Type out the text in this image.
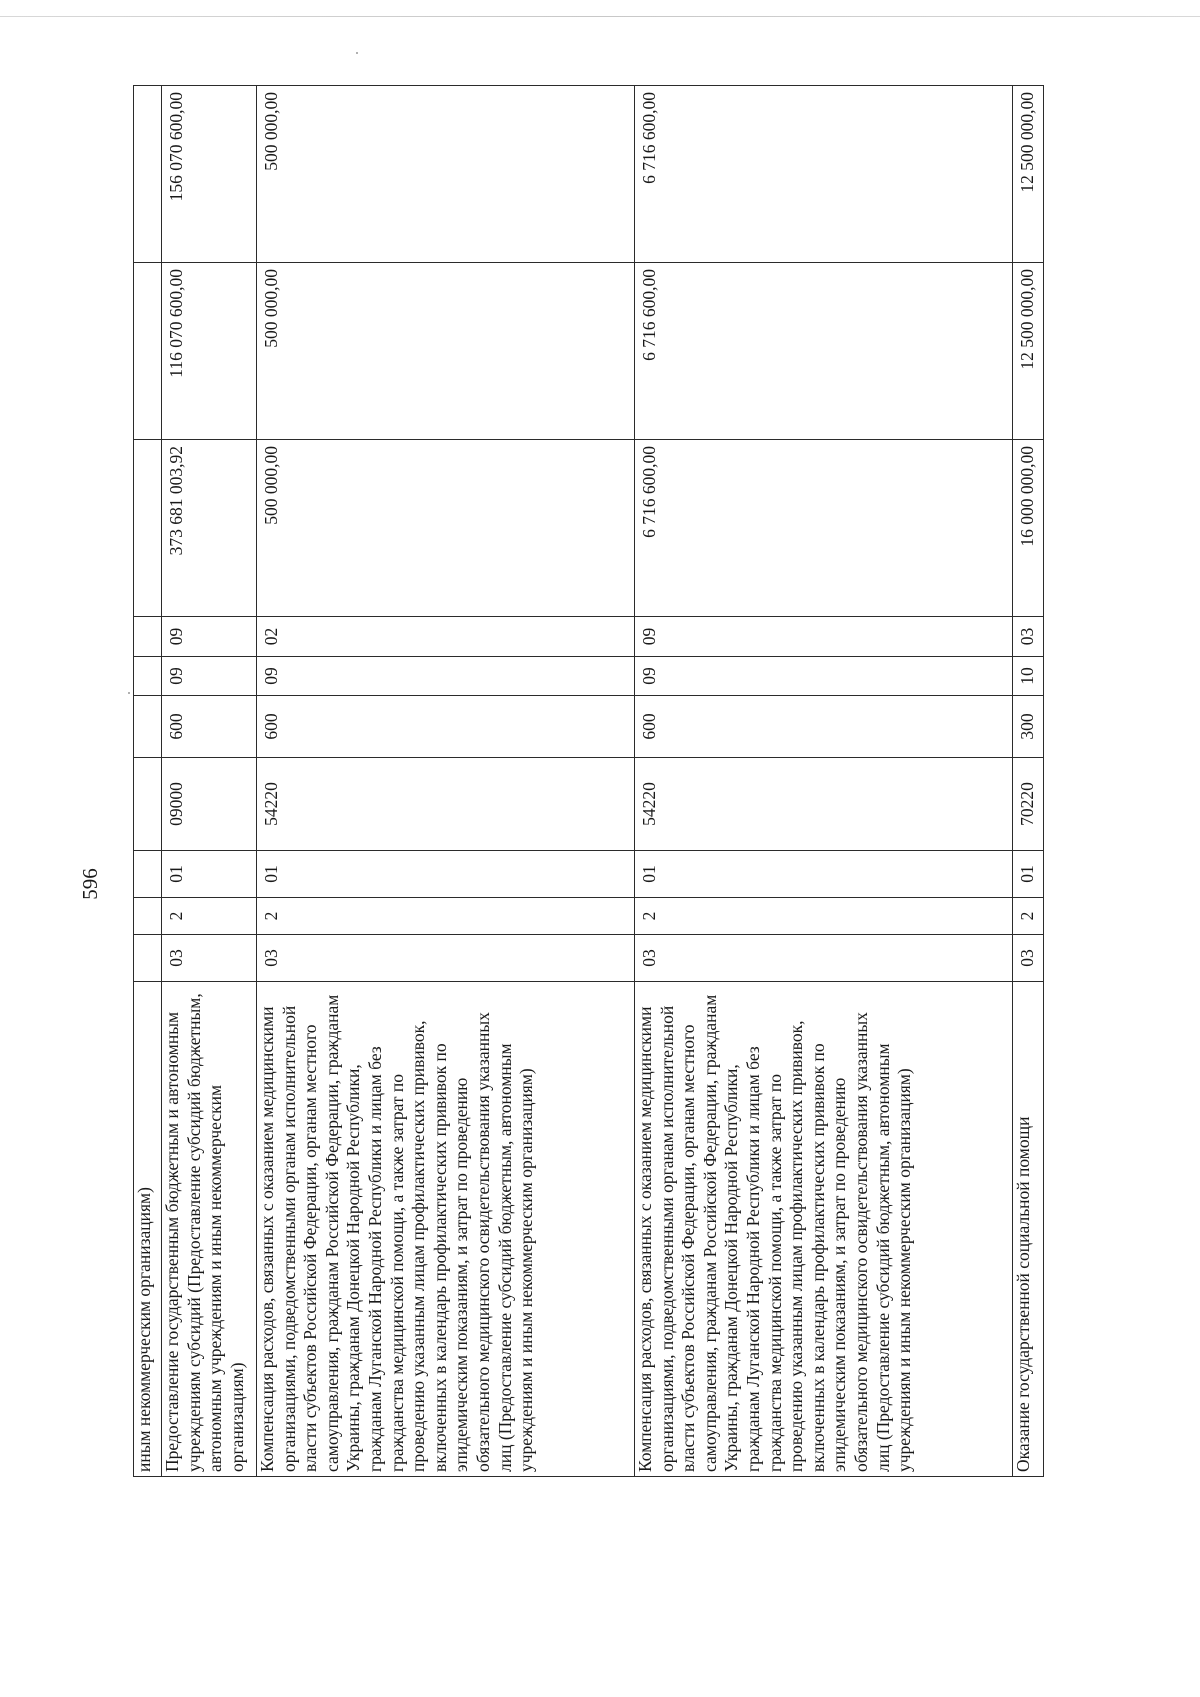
596
иным некоммерческим организациям)										
Предоставление государственным бюджетным и автономным учреждениям субсидий (Предоставление субсидий бюджетным, автономным учреждениям и иным некоммерческим организациям)	03	2	01	09000	600	09	09	373 681 003,92	116 070 600,00	156 070 600,00
Компенсация расходов, связанных с оказанием медицинскими организациями, подведомственными органам исполнительной власти субъектов Российской Федерации, органам местного самоуправления, гражданам Российской Федерации, гражданам Украины, гражданам Донецкой Народной Республики, гражданам Луганской Народной Республики и лицам без гражданства медицинской помощи, а также затрат по проведению указанным лицам профилактических прививок, включенных в календарь профилактических прививок по эпидемическим показаниям, и затрат по проведению обязательного медицинского освидетельствования указанных лиц (Предоставление субсидий бюджетным, автономным учреждениям и иным некоммерческим организациям)	03	2	01	54220	600	09	02	500 000,00	500 000,00	500 000,00
Компенсация расходов, связанных с оказанием медицинскими организациями, подведомственными органам исполнительной власти субъектов Российской Федерации, органам местного самоуправления, гражданам Российской Федерации, гражданам Украины, гражданам Донецкой Народной Республики, гражданам Луганской Народной Республики и лицам без гражданства медицинской помощи, а также затрат по проведению указанным лицам профилактических прививок, включенных в календарь профилактических прививок по эпидемическим показаниям, и затрат по проведению обязательного медицинского освидетельствования указанных лиц (Предоставление субсидий бюджетным, автономным учреждениям и иным некоммерческим организациям)	03	2	01	54220	600	09	09	6 716 600,00	6 716 600,00	6 716 600,00
Оказание государственной социальной помощи	03	2	01	70220	300	10	03	16 000 000,00	12 500 000,00	12 500 000,00
